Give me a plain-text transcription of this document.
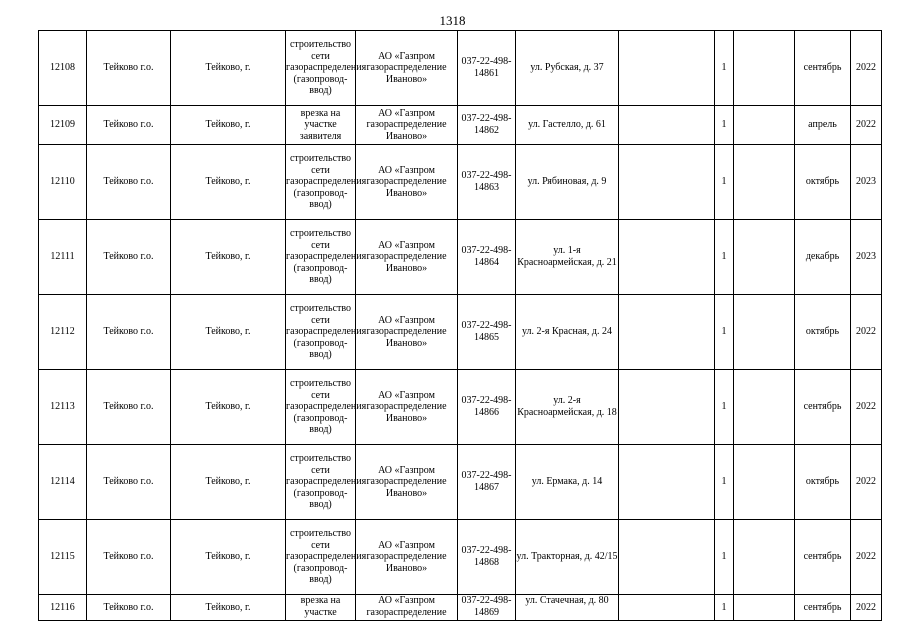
1318
12108	Тейково г.о.	Тейково, г.	строительство сети газораспределения (газопровод-ввод)	АО «Газпром газораспределение Иваново»	037-22-498-14861	ул. Рубская, д. 37		1		сентябрь	2022
12109	Тейково г.о.	Тейково, г.	врезка на участке заявителя	АО «Газпром газораспределение Иваново»	037-22-498-14862	ул. Гастелло, д. 61		1		апрель	2022
12110	Тейково г.о.	Тейково, г.	строительство сети газораспределения (газопровод-ввод)	АО «Газпром газораспределение Иваново»	037-22-498-14863	ул. Рябиновая, д. 9		1		октябрь	2023
12111	Тейково г.о.	Тейково, г.	строительство сети газораспределения (газопровод-ввод)	АО «Газпром газораспределение Иваново»	037-22-498-14864	ул. 1-я Красноармейская, д. 21		1		декабрь	2023
12112	Тейково г.о.	Тейково, г.	строительство сети газораспределения (газопровод-ввод)	АО «Газпром газораспределение Иваново»	037-22-498-14865	ул. 2-я Красная, д. 24		1		октябрь	2022
12113	Тейково г.о.	Тейково, г.	строительство сети газораспределения (газопровод-ввод)	АО «Газпром газораспределение Иваново»	037-22-498-14866	ул. 2-я Красноармейская, д. 18		1		сентябрь	2022
12114	Тейково г.о.	Тейково, г.	строительство сети газораспределения (газопровод-ввод)	АО «Газпром газораспределение Иваново»	037-22-498-14867	ул. Ермака, д. 14		1		октябрь	2022
12115	Тейково г.о.	Тейково, г.	строительство сети газораспределения (газопровод-ввод)	АО «Газпром газораспределение Иваново»	037-22-498-14868	ул. Тракторная, д. 42/15		1		сентябрь	2022
12116	Тейково г.о.	Тейково, г.	врезка на участке	АО «Газпром газораспределение	037-22-498-14869	ул. Стачечная, д. 80		1		сентябрь	2022
